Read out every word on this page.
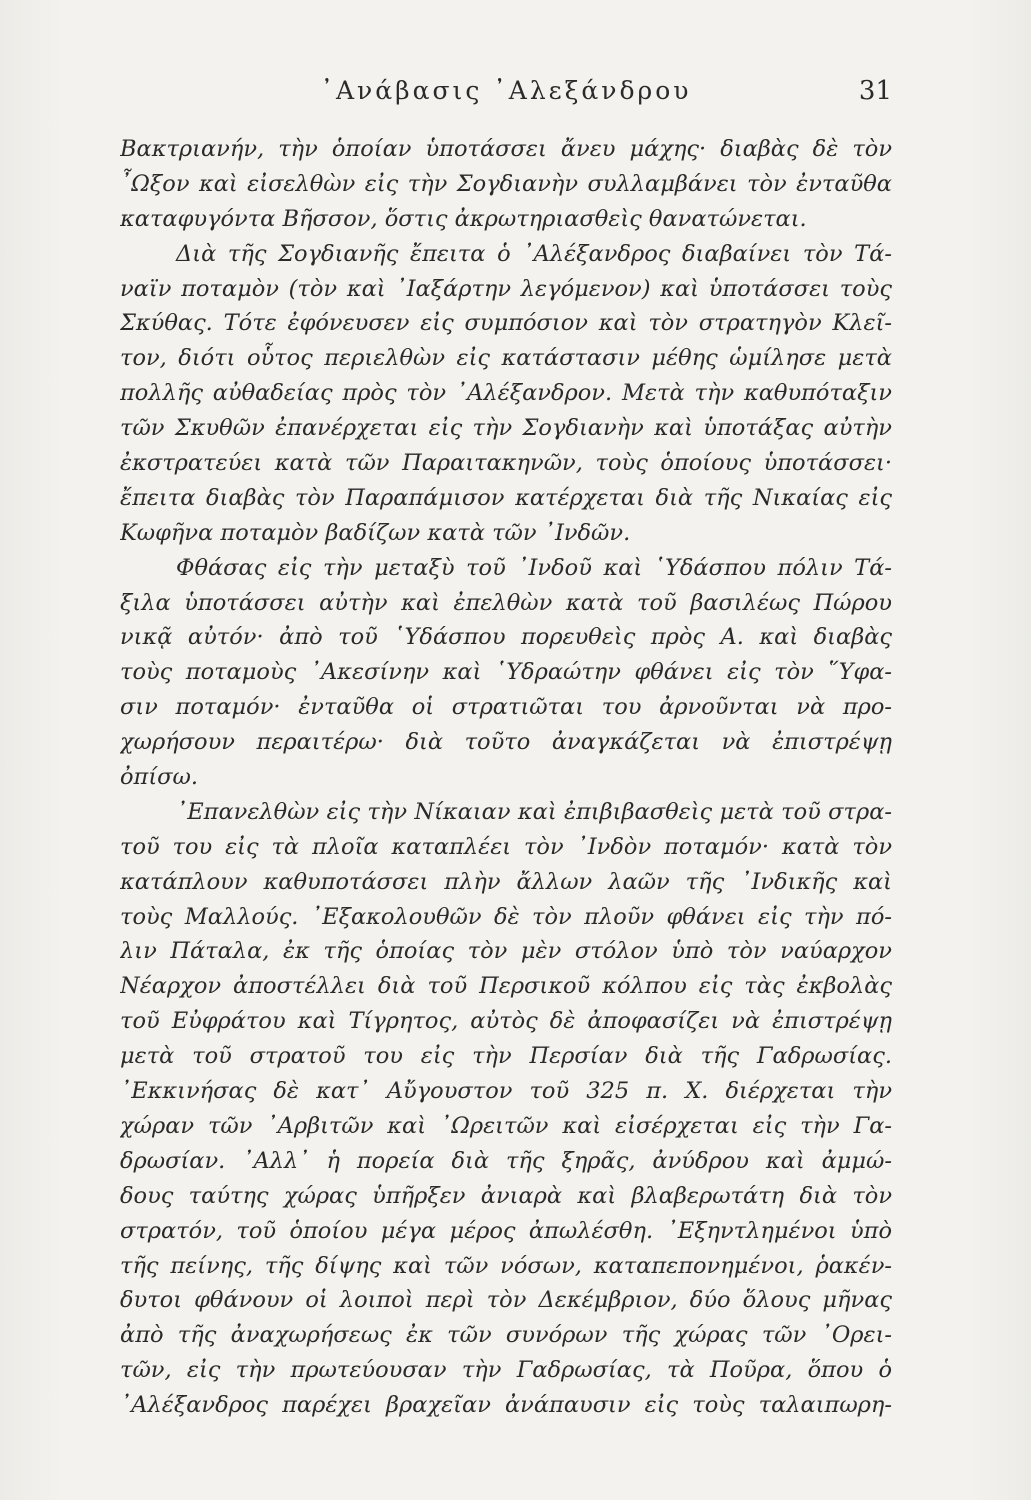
᾿Ανάβασις ᾿Αλεξάνδρου	31
Βακτριανήν, τὴν ὁποίαν ὑποτάσσει ἄνευ μάχης· διαβὰς δὲ τὸν
῏Ωξον καὶ εἰσελθὼν εἰς τὴν Σογδιανὴν συλλαμβάνει τὸν ἐνταῦθα
καταφυγόντα Βῆσσον, ὅστις ἀκρωτηριασθεὶς θανατώνεται.
Διὰ τῆς Σογδιανῆς ἔπειτα ὁ ᾿Αλέξανδρος διαβαίνει τὸν Τά-
ναϊν ποταμὸν (τὸν καὶ ᾿Ιαξάρτην λεγόμενον) καὶ ὑποτάσσει τοὺς
Σκύθας. Τότε ἐφόνευσεν εἰς συμπόσιον καὶ τὸν στρατηγὸν Κλεῖ-
τον, διότι οὗτος περιελθὼν εἰς κατάστασιν μέθης ὡμίλησε μετὰ
πολλῆς αὐθαδείας πρὸς τὸν ᾿Αλέξανδρον. Μετὰ τὴν καθυπόταξιν
τῶν Σκυθῶν ἐπανέρχεται εἰς τὴν Σογδιανὴν καὶ ὑποτάξας αὐτὴν
ἐκστρατεύει κατὰ τῶν Παραιτακηνῶν, τοὺς ὁποίους ὑποτάσσει·
ἔπειτα διαβὰς τὸν Παραπάμισον κατέρχεται διὰ τῆς Νικαίας εἰς
Κωφῆνα ποταμὸν βαδίζων κατὰ τῶν ᾿Ινδῶν.
Φθάσας εἰς τὴν μεταξὺ τοῦ ᾿Ινδοῦ καὶ ῾Υδάσπου πόλιν Τά-
ξιλα ὑποτάσσει αὐτὴν καὶ ἐπελθὼν κατὰ τοῦ βασιλέως Πώρου
νικᾷ αὐτόν· ἀπὸ τοῦ ῾Υδάσπου πορευθεὶς πρὸς Α. καὶ διαβὰς
τοὺς ποταμοὺς ᾿Ακεσίνην καὶ ῾Υδραώτην φθάνει εἰς τὸν ῞Υφα-
σιν ποταμόν· ἐνταῦθα οἱ στρατιῶται του ἀρνοῦνται νὰ προ-
χωρήσουν περαιτέρω· διὰ τοῦτο ἀναγκάζεται νὰ ἐπιστρέψῃ
ὀπίσω.
᾿Επανελθὼν εἰς τὴν Νίκαιαν καὶ ἐπιβιβασθεὶς μετὰ τοῦ στρα-
τοῦ του εἰς τὰ πλοῖα καταπλέει τὸν ᾿Ινδὸν ποταμόν· κατὰ τὸν
κατάπλουν καθυποτάσσει πλὴν ἄλλων λαῶν τῆς ᾿Ινδικῆς καὶ
τοὺς Μαλλούς. ᾿Εξακολουθῶν δὲ τὸν πλοῦν φθάνει εἰς τὴν πό-
λιν Πάταλα, ἐκ τῆς ὁποίας τὸν μὲν στόλον ὑπὸ τὸν ναύαρχον
Νέαρχον ἀποστέλλει διὰ τοῦ Περσικοῦ κόλπου εἰς τὰς ἐκβολὰς
τοῦ Εὐφράτου καὶ Τίγρητος, αὐτὸς δὲ ἀποφασίζει νὰ ἐπιστρέψῃ
μετὰ τοῦ στρατοῦ του εἰς τὴν Περσίαν διὰ τῆς Γαδρωσίας.
᾿Εκκινήσας δὲ κατ᾿ Αὔγουστον τοῦ 325 π. Χ. διέρχεται τὴν
χώραν τῶν ᾿Αρβιτῶν καὶ ᾿Ωρειτῶν καὶ εἰσέρχεται εἰς τὴν Γα-
δρωσίαν. ᾿Αλλ᾿ ἡ πορεία διὰ τῆς ξηρᾶς, ἀνύδρου καὶ ἀμμώ-
δους ταύτης χώρας ὑπῆρξεν ἀνιαρὰ καὶ βλαβερωτάτη διὰ τὸν
στρατόν, τοῦ ὁποίου μέγα μέρος ἀπωλέσθη. ᾿Εξηντλημένοι ὑπὸ
τῆς πείνης, τῆς δίψης καὶ τῶν νόσων, καταπεπονημένοι, ῥακέν-
δυτοι φθάνουν οἱ λοιποὶ περὶ τὸν Δεκέμβριον, δύο ὅλους μῆνας
ἀπὸ τῆς ἀναχωρήσεως ἐκ τῶν συνόρων τῆς χώρας τῶν ᾿Ορει-
τῶν, εἰς τὴν πρωτεύουσαν τὴν Γαδρωσίας, τὰ Ποῦρα, ὅπου ὁ
᾿Αλέξανδρος παρέχει βραχεῖαν ἀνάπαυσιν εἰς τοὺς ταλαιπωρη-
